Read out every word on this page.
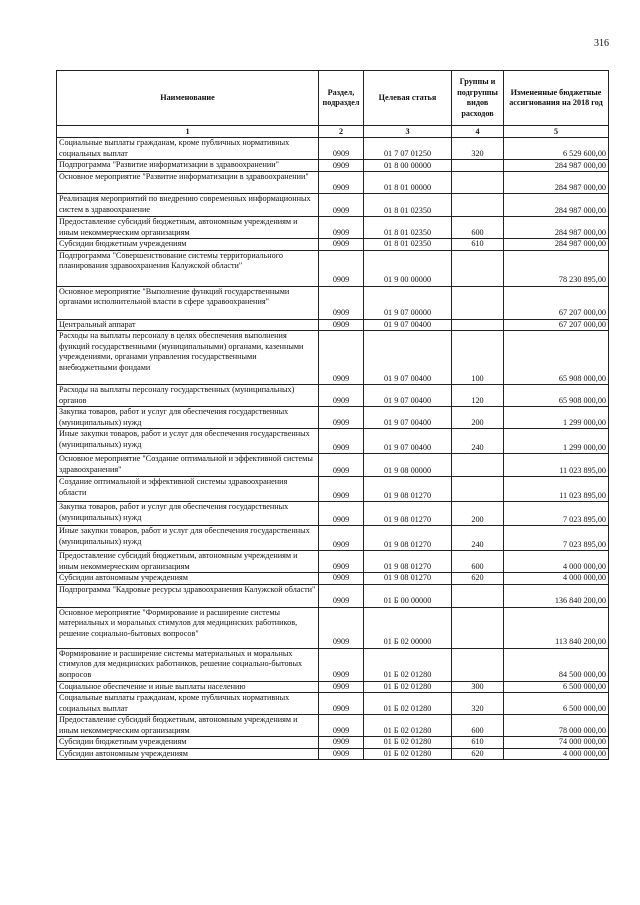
316
Наименование	Раздел, подраздел	Целевая статья	Группы и подгруппы видов расходов	Измененные бюджетные ассигнования на 2018 год
1	2	3	4	5
Социальные выплаты гражданам, кроме публичных нормативных социальных выплат	0909	01 7 07 01250	320	6 529 600,00
Подпрограмма "Развитие информатизации в здравоохранении"	0909	01 8 00 00000		284 987 000,00
Основное мероприятие "Развитие информатизации в здравоохранении"	0909	01 8 01 00000		284 987 000,00
Реализация мероприятий по внедрению современных информационных систем в здравоохранение	0909	01 8 01 02350		284 987 000,00
Предоставление субсидий бюджетным, автономным учреждениям и иным некоммерческим организациям	0909	01 8 01 02350	600	284 987 000,00
Субсидии бюджетным учреждениям	0909	01 8 01 02350	610	284 987 000,00
Подпрограмма "Совершенствование системы территориального планирования здравоохранения Калужской области"	0909	01 9 00 00000		78 230 895,00
Основное мероприятие "Выполнение функций государственными органами исполнительной власти в сфере здравоохранения"	0909	01 9 07 00000		67 207 000,00
Центральный аппарат	0909	01 9 07 00400		67 207 000,00
Расходы на выплаты персоналу в целях обеспечения выполнения функций государственными (муниципальными) органами, казенными учреждениями, органами управления государственными внебюджетными фондами	0909	01 9 07 00400	100	65 908 000,00
Расходы на выплаты персоналу государственных (муниципальных) органов	0909	01 9 07 00400	120	65 908 000,00
Закупка товаров, работ и услуг для обеспечения государственных (муниципальных) нужд	0909	01 9 07 00400	200	1 299 000,00
Иные закупки товаров, работ и услуг для обеспечения государственных (муниципальных) нужд	0909	01 9 07 00400	240	1 299 000,00
Основное мероприятие "Создание оптимальной и эффективной системы здравоохранения"	0909	01 9 08 00000		11 023 895,00
Создание оптимальной и эффективной системы здравоохранения области	0909	01 9 08 01270		11 023 895,00
Закупка товаров, работ и услуг для обеспечения государственных (муниципальных) нужд	0909	01 9 08 01270	200	7 023 895,00
Иные закупки товаров, работ и услуг для обеспечения государственных (муниципальных) нужд	0909	01 9 08 01270	240	7 023 895,00
Предоставление субсидий бюджетным, автономным учреждениям и иным некоммерческим организациям	0909	01 9 08 01270	600	4 000 000,00
Субсидии автономным учреждениям	0909	01 9 08 01270	620	4 000 000,00
Подпрограмма "Кадровые ресурсы здравоохранения Калужской области"	0909	01 Б 00 00000		136 840 200,00
Основное мероприятие "Формирование и расширение системы материальных и моральных стимулов для медицинских работников, решение социально-бытовых вопросов"	0909	01 Б 02 00000		113 840 200,00
Формирование и расширение системы материальных и моральных стимулов для медицинских работников, решение социально-бытовых вопросов	0909	01 Б 02 01280		84 500 000,00
Социальное обеспечение и иные выплаты населению	0909	01 Б 02 01280	300	6 500 000,00
Социальные выплаты гражданам, кроме публичных нормативных социальных выплат	0909	01 Б 02 01280	320	6 500 000,00
Предоставление субсидий бюджетным, автономным учреждениям и иным некоммерческим организациям	0909	01 Б 02 01280	600	78 000 000,00
Субсидии бюджетным учреждениям	0909	01 Б 02 01280	610	74 000 000,00
Субсидии автономным учреждениям	0909	01 Б 02 01280	620	4 000 000,00
